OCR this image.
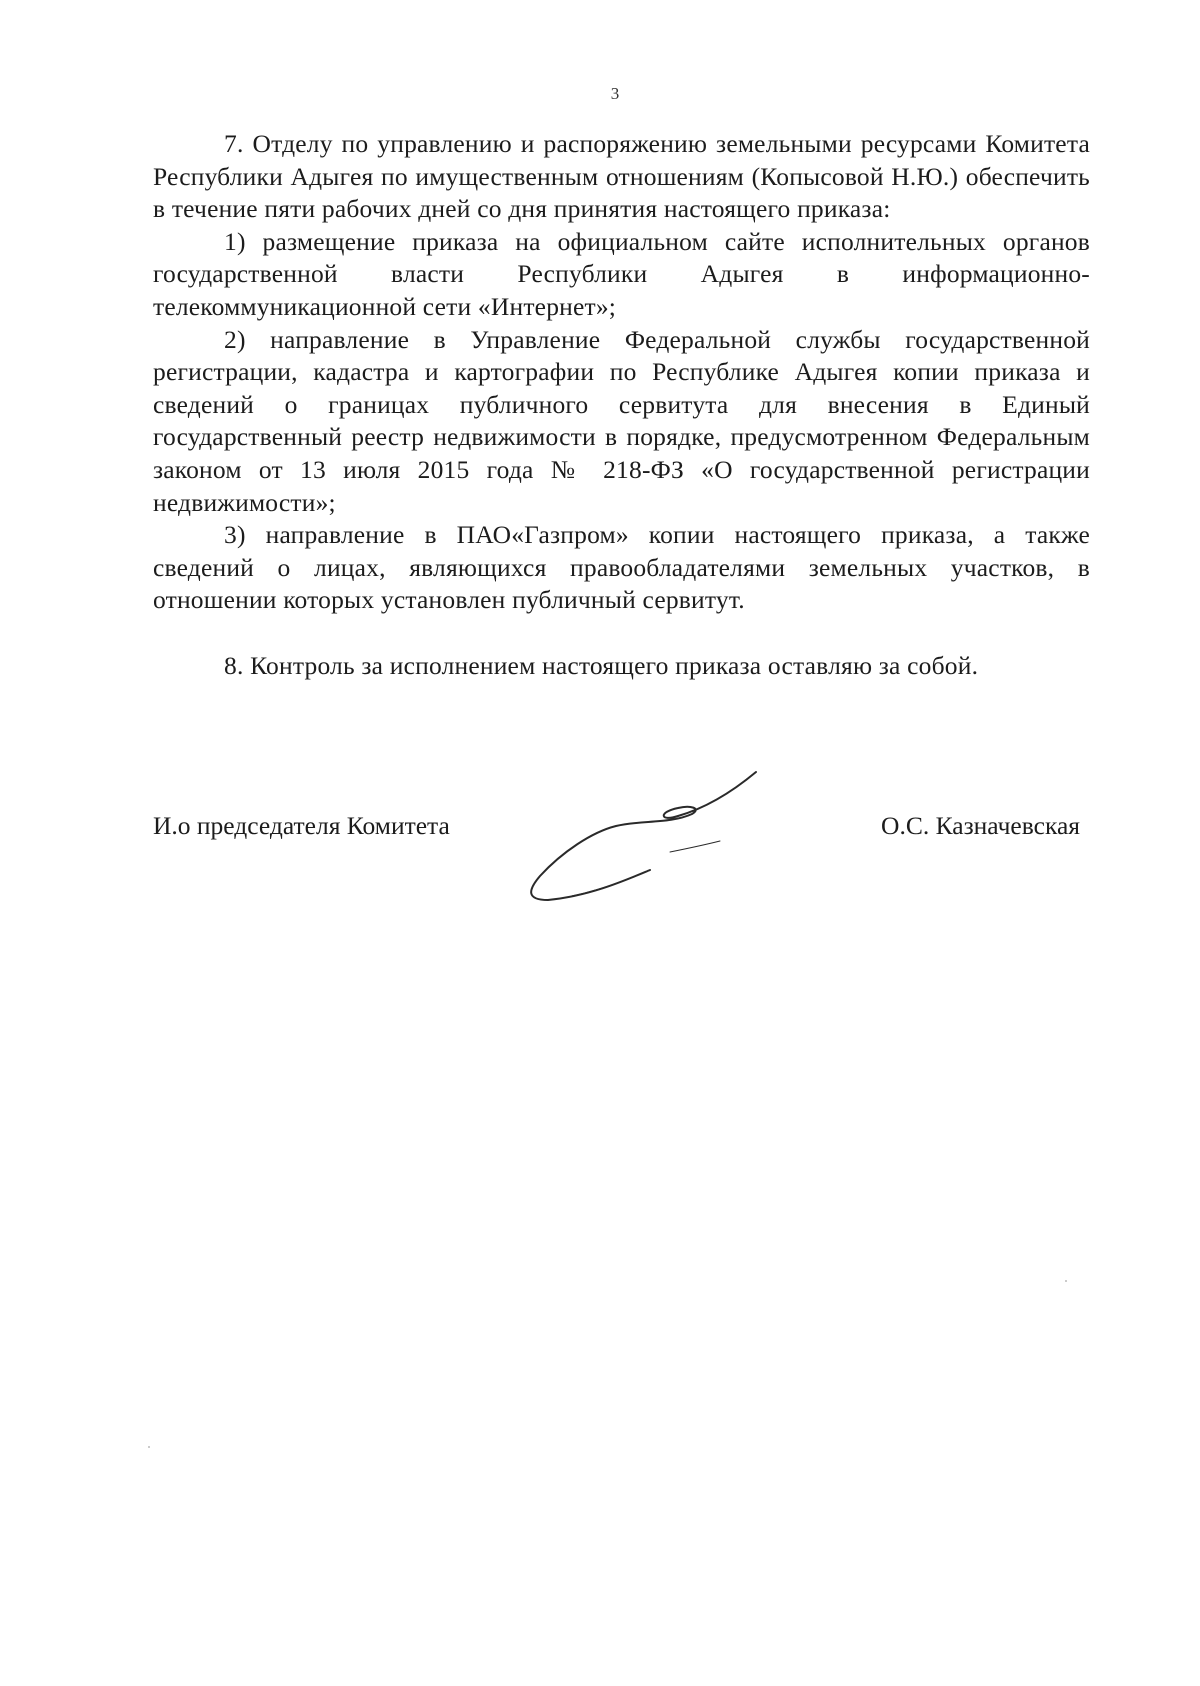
3

7. Отделу по управлению и распоряжению земельными ресурсами Комитета Республики Адыгея по имущественным отношениям (Копысовой Н.Ю.) обеспечить в течение пяти рабочих дней со дня принятия настоящего приказа:

1) размещение приказа на официальном сайте исполнительных органов государственной власти Республики Адыгея в информационно-телекоммуникационной сети «Интернет»;

2) направление в Управление Федеральной службы государственной регистрации, кадастра и картографии по Республике Адыгея копии приказа и сведений о границах публичного сервитута для внесения в Единый государственный реестр недвижимости в порядке, предусмотренном Федеральным законом от 13 июля 2015 года № 218-ФЗ «О государственной регистрации недвижимости»;

3) направление в ПАО«Газпром» копии настоящего приказа, а также сведений о лицах, являющихся правообладателями земельных участков, в отношении которых установлен публичный сервитут.

8. Контроль за исполнением настоящего приказа оставляю за собой.

И.о председателя Комитета	О.С. Казначевская
